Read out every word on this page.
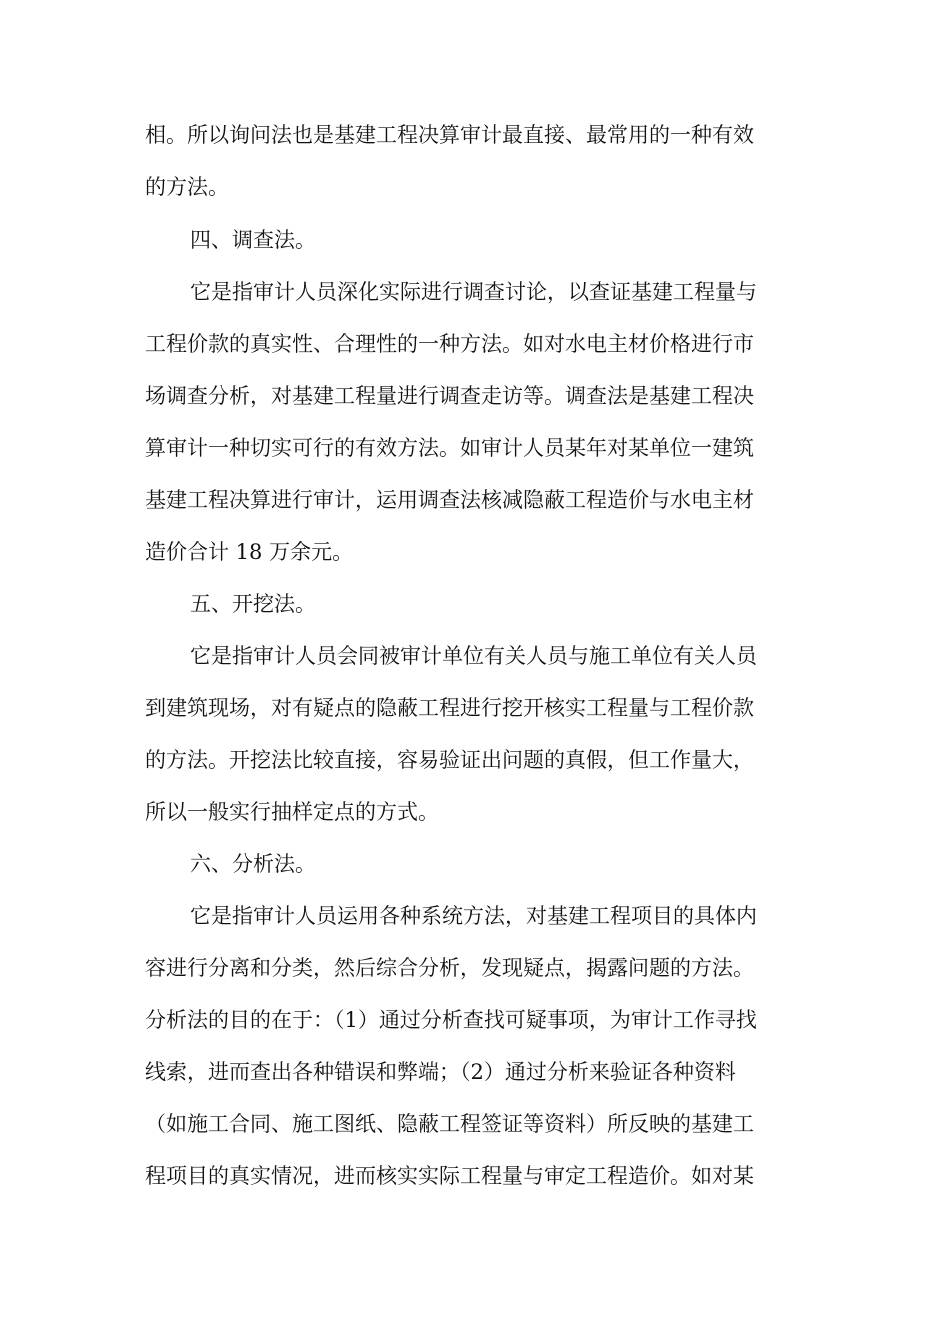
相。所以询问法也是基建工程决算审计最直接、最常用的一种有效
的方法。
四、调查法。
它是指审计人员深化实际进行调查讨论，以查证基建工程量与
工程价款的真实性、合理性的一种方法。如对水电主材价格进行市
场调查分析，对基建工程量进行调查走访等。调查法是基建工程决
算审计一种切实可行的有效方法。如审计人员某年对某单位一建筑
基建工程决算进行审计，运用调查法核减隐蔽工程造价与水电主材
造价合计 18 万余元。
五、开挖法。
它是指审计人员会同被审计单位有关人员与施工单位有关人员
到建筑现场，对有疑点的隐蔽工程进行挖开核实工程量与工程价款
的方法。开挖法比较直接，容易验证出问题的真假，但工作量大，
所以一般实行抽样定点的方式。
六、分析法。
它是指审计人员运用各种系统方法，对基建工程项目的具体内
容进行分离和分类，然后综合分析，发现疑点，揭露问题的方法。
分析法的目的在于：（1）通过分析查找可疑事项，为审计工作寻找
线索，进而查出各种错误和弊端；（2）通过分析来验证各种资料
（如施工合同、施工图纸、隐蔽工程签证等资料）所反映的基建工
程项目的真实情况，进而核实实际工程量与审定工程造价。如对某
